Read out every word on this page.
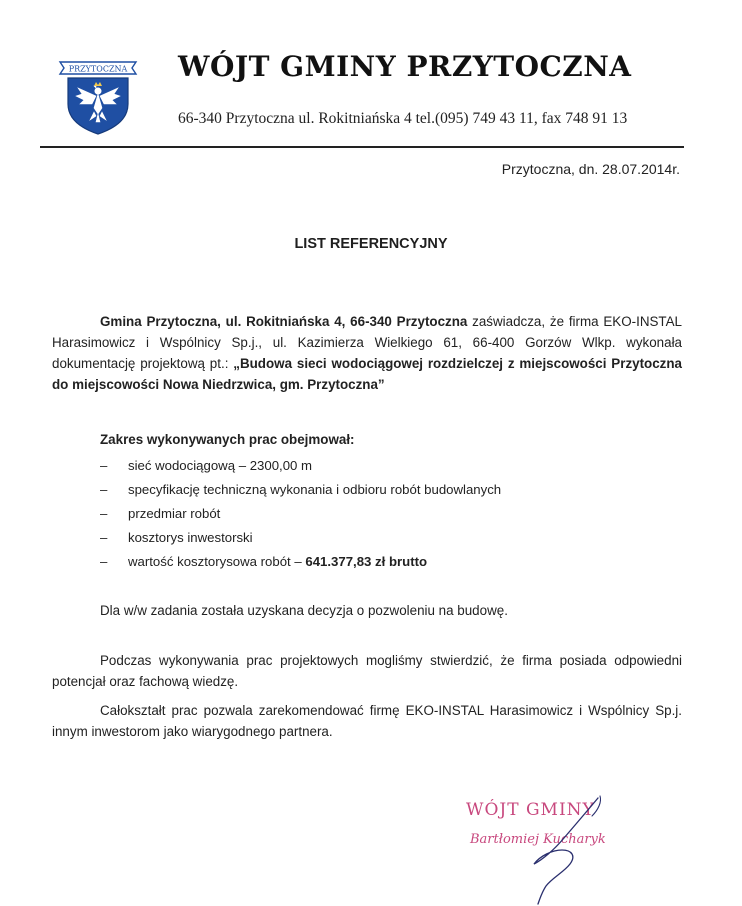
PRZYTOCZNA WÓJT GMINY PRZYTOCZNA
66-340 Przytoczna ul. Rokitniańska 4 tel.(095) 749 43 11, fax 748 91 13
Przytoczna, dn. 28.07.2014r.
LIST REFERENCYJNY
Gmina Przytoczna, ul. Rokitniańska 4, 66-340 Przytoczna zaświadcza, że firma EKO-INSTAL Harasimowicz i Wspólnicy Sp.j., ul. Kazimierza Wielkiego 61, 66-400 Gorzów Wlkp. wykonała dokumentację projektową pt.: „Budowa sieci wodociągowej rozdzielczej z miejscowości Przytoczna do miejscowości Nowa Niedrzwica, gm. Przytoczna”
Zakres wykonywanych prac obejmował:
–	sieć wodociągową – 2300,00 m
–	specyfikację techniczną wykonania i odbioru robót budowlanych
–	przedmiar robót
–	kosztorys inwestorski
–	wartość kosztorysowa robót – 641.377,83 zł brutto
Dla w/w zadania została uzyskana decyzja o pozwoleniu na budowę.
Podczas wykonywania prac projektowych mogliśmy stwierdzić, że firma posiada odpowiedni potencjał oraz fachową wiedzę.
Całokształt prac pozwala zarekomendować firmę EKO-INSTAL Harasimowicz i Wspólnicy Sp.j. innym inwestorom jako wiarygodnego partnera.
WÓJT GMINY
Bartłomiej Kucharyk
